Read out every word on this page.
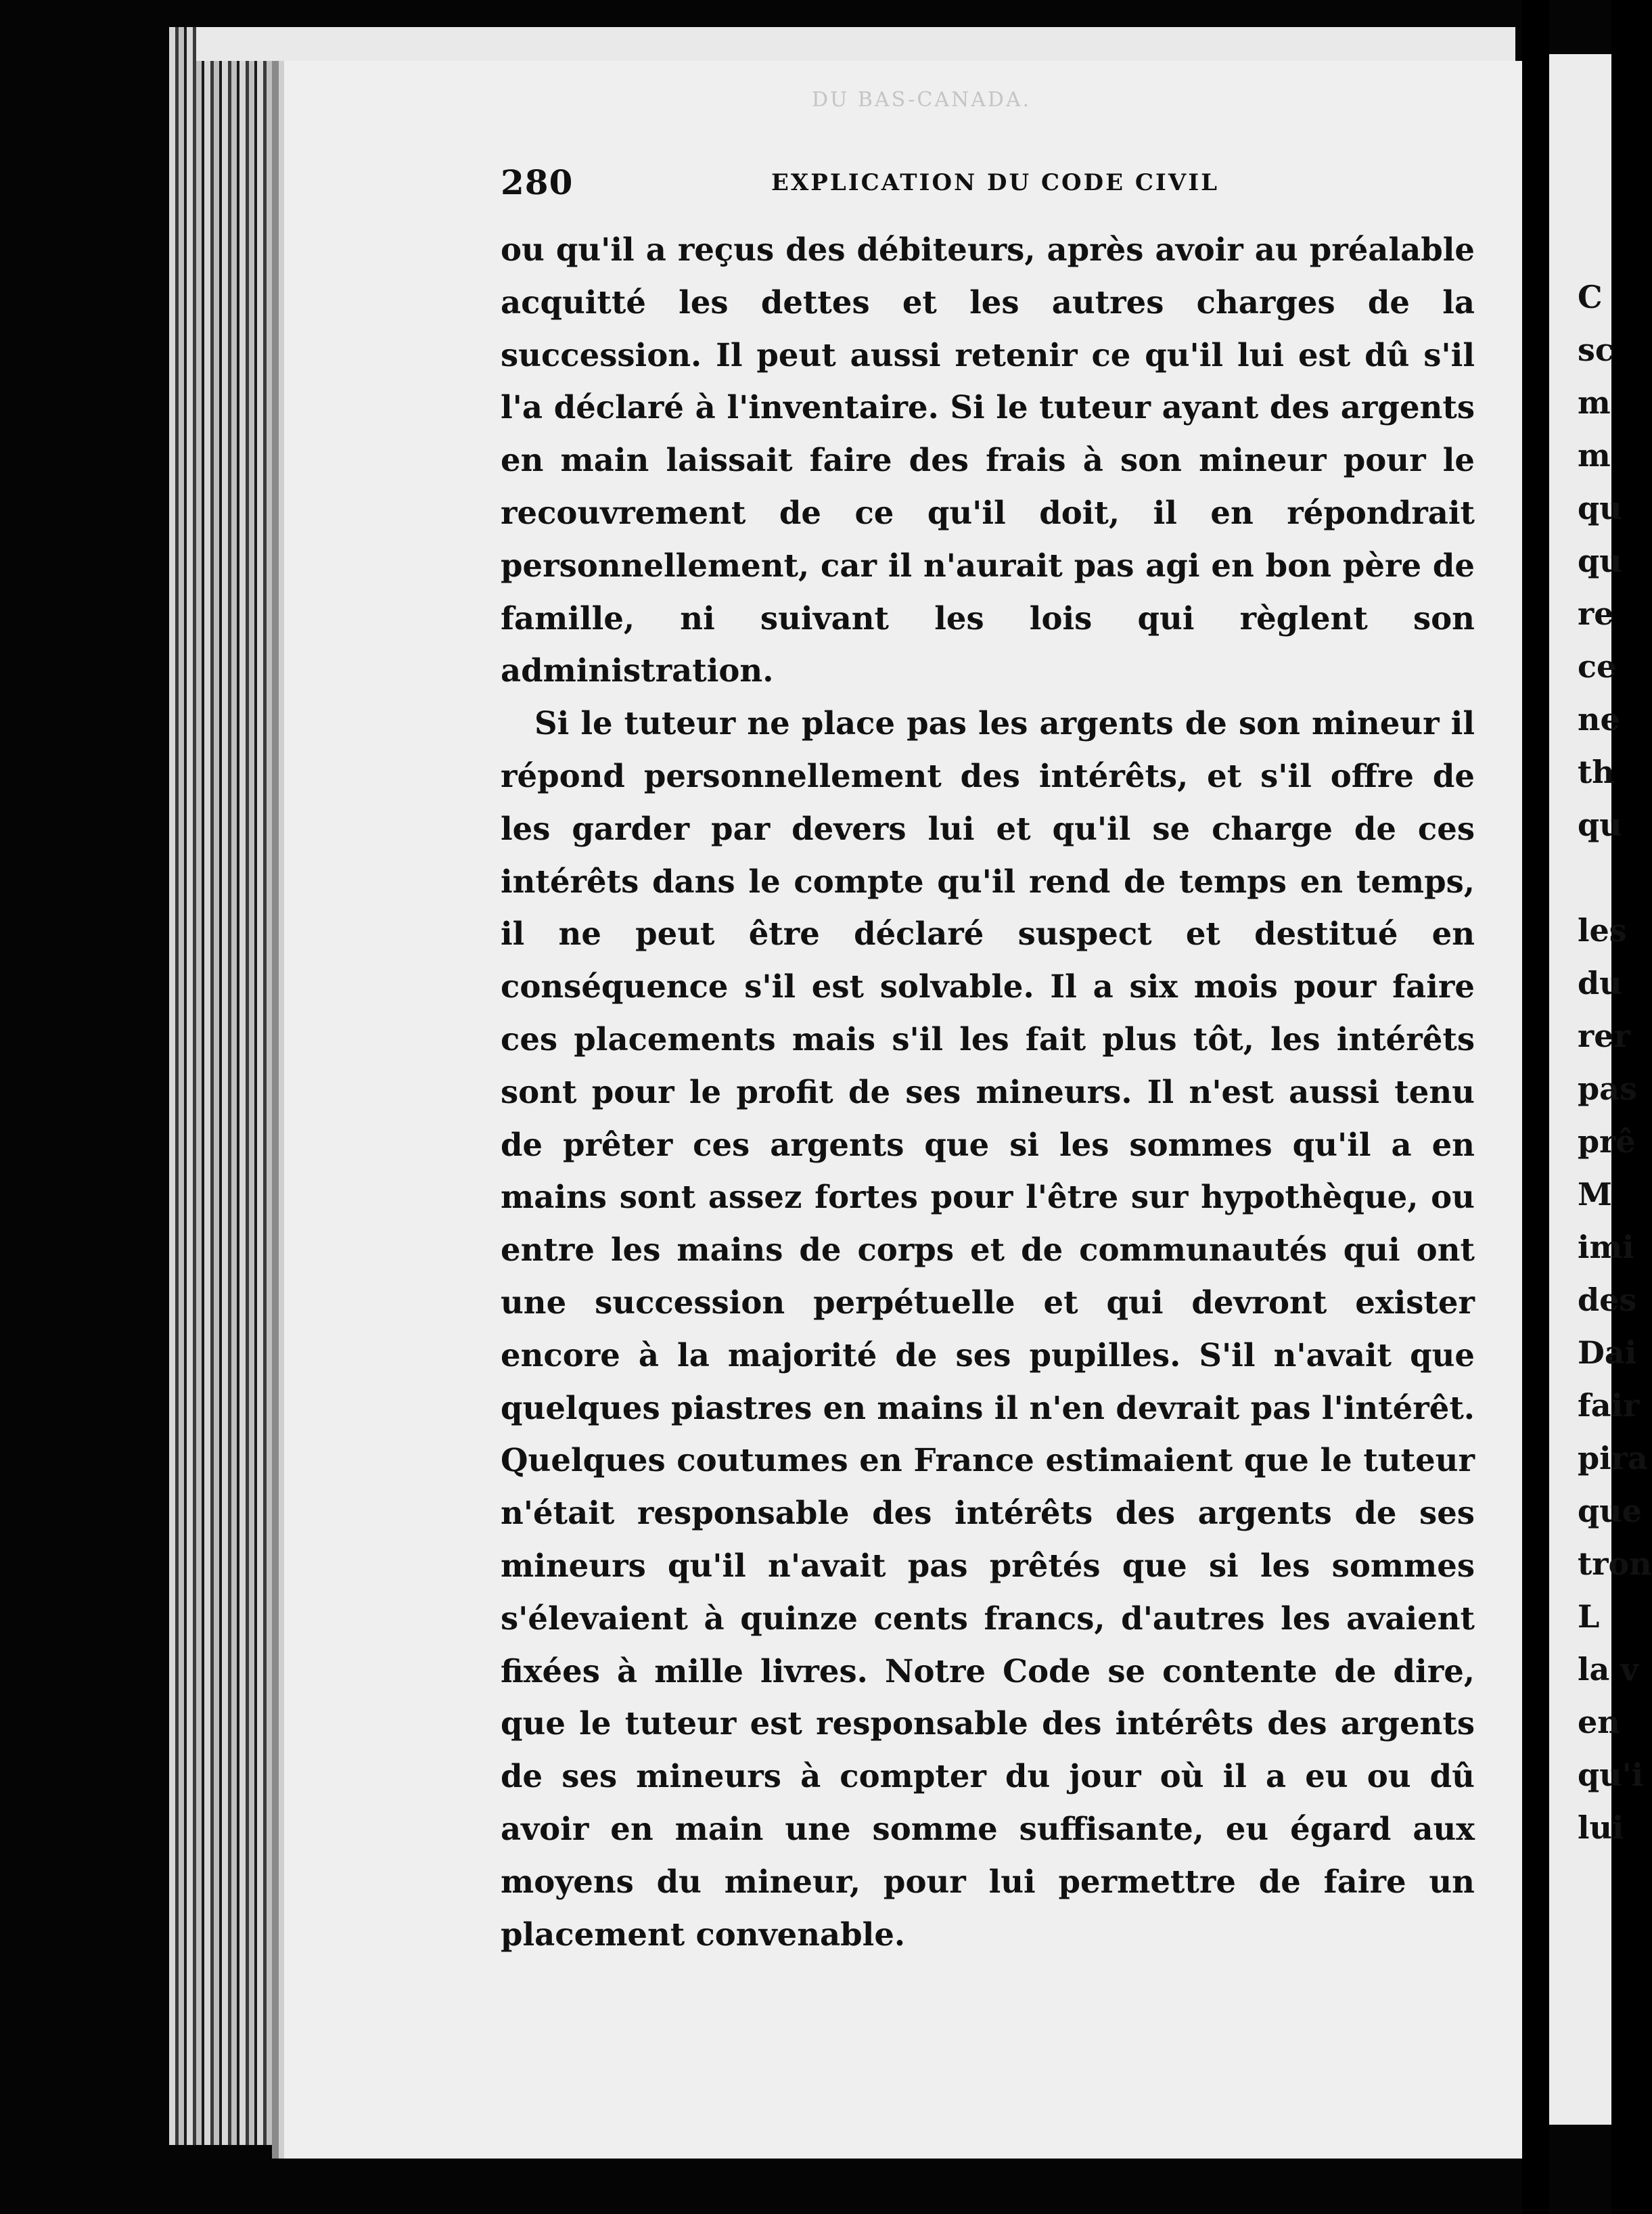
DU BAS-CANADA.
280	EXPLICATION DU CODE CIVIL

ou qu'il a reçus des débiteurs, après avoir au préalable acquitté les dettes et les autres charges de la succession. Il peut aussi retenir ce qu'il lui est dû s'il l'a déclaré à l'inventaire. Si le tuteur ayant des argents en main laissait faire des frais à son mineur pour le recouvrement de ce qu'il doit, il en répondrait personnellement, car il n'aurait pas agi en bon père de famille, ni suivant les lois qui règlent son administration.

Si le tuteur ne place pas les argents de son mineur il répond personnellement des intérêts, et s'il offre de les garder par devers lui et qu'il se charge de ces intérêts dans le compte qu'il rend de temps en temps, il ne peut être déclaré suspect et destitué en conséquence s'il est solvable. Il a six mois pour faire ces placements mais s'il les fait plus tôt, les intérêts sont pour le profit de ses mineurs. Il n'est aussi tenu de prêter ces argents que si les sommes qu'il a en mains sont assez fortes pour l'être sur hypothèque, ou entre les mains de corps et de communautés qui ont une succession perpétuelle et qui devront exister encore à la majorité de ses pupilles. S'il n'avait que quelques piastres en mains il n'en devrait pas l'intérêt. Quelques coutumes en France estimaient que le tuteur n'était responsable des intérêts des argents de ses mineurs qu'il n'avait pas prêtés que si les sommes s'élevaient à quinze cents francs, d'autres les avaient fixées à mille livres. Notre Code se contente de dire, que le tuteur est responsable des intérêts des argents de ses mineurs à compter du jour où il a eu ou dû avoir en main une somme suffisante, eu égard aux moyens du mineur, pour lui permettre de faire un placement convenable.

C
sc
m
m
qu
qu
re
ce
ne
th
qu
les
du
rer
pas
prê
M
imi
des
Dai
fair
pira
que
tron
L
la v
en
qu'i
lui
